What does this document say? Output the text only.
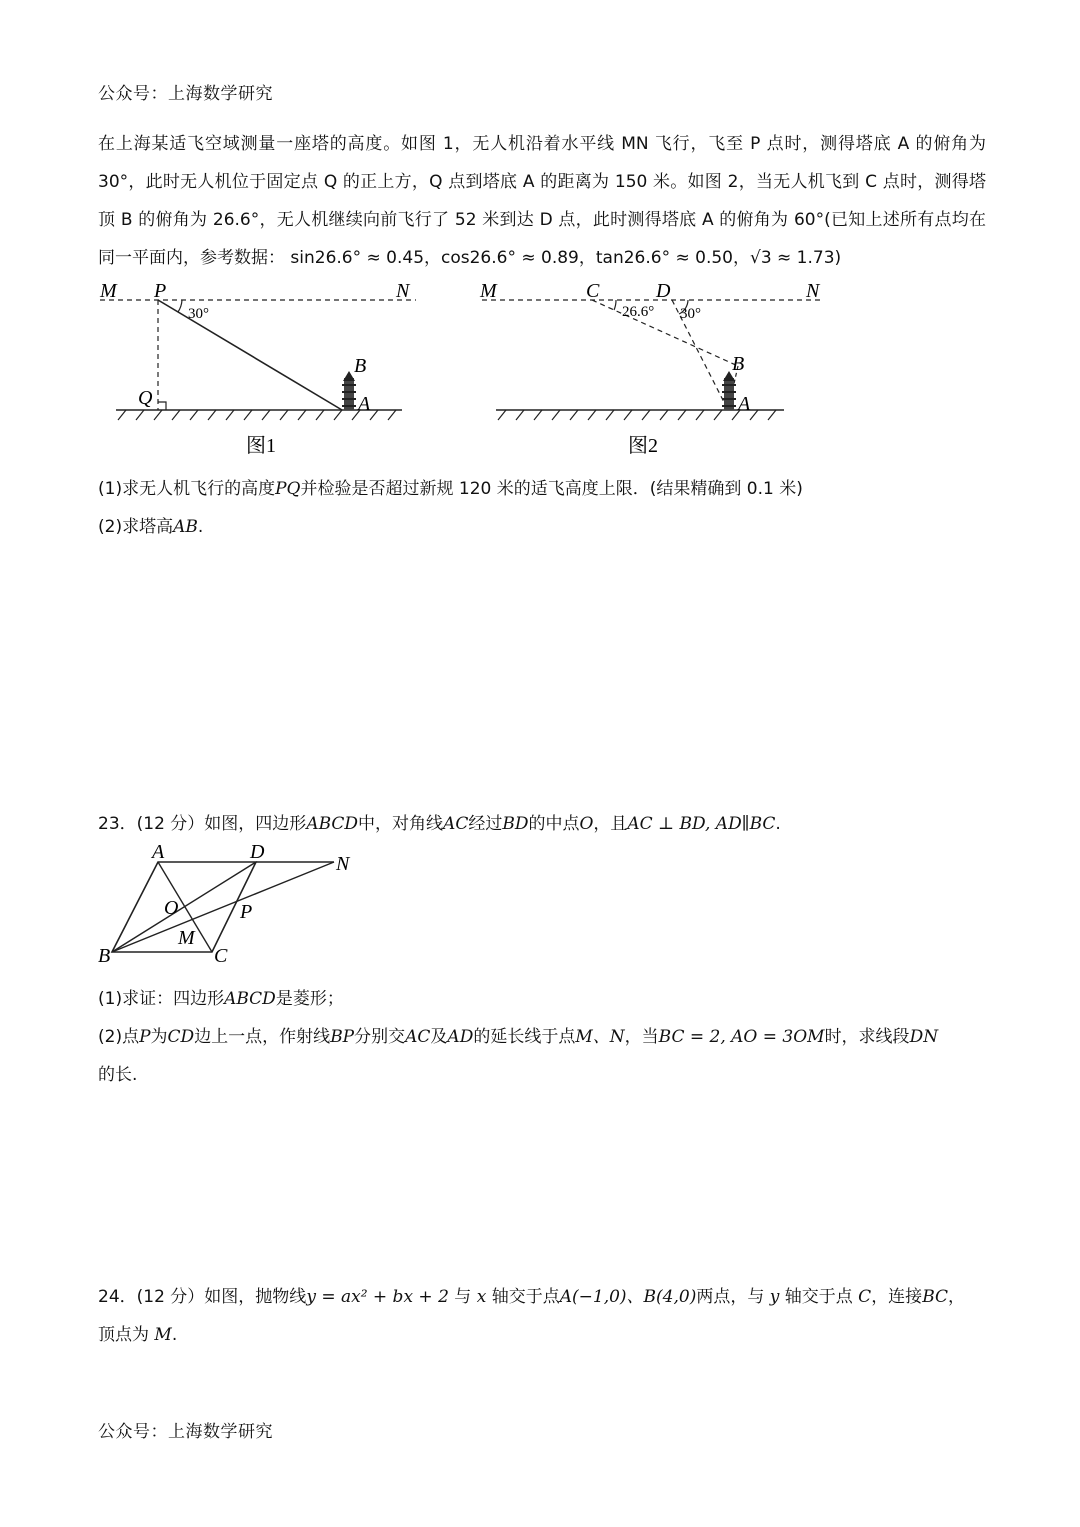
公众号：上海数学研究
在上海某适飞空域测量一座塔的高度。如图 1，无人机沿着水平线 MN 飞行，飞至 P 点时，测得塔底 A 的俯角为 30°，此时无人机位于固定点 Q 的正上方，Q 点到塔底 A 的距离为 150 米。如图 2，当无人机飞到 C 点时，测得塔顶 B 的俯角为 26.6°，无人机继续向前飞行了 52 米到达 D 点，此时测得塔底 A 的俯角为 60°(已知上述所有点均在同一平面内，参考数据： sin26.6° ≈ 0.45，cos26.6° ≈ 0.89，tan26.6° ≈ 0.50，√3 ≈ 1.73)
M P	N
30°
Q
B
A
图1
M	C	D	N
26.6° 30°
B
A
图2
(1)求无人机飞行的高度PQ并检验是否超过新规 120 米的适飞高度上限．(结果精确到 0.1 米)
(2)求塔高AB.
23．(12 分）如图，四边形ABCD中，对角线AC经过BD的中点O，且AC ⊥ BD, AD∥BC.
A	D
N
O	P
M
B	C
(1)求证：四边形ABCD是菱形；
(2)点P为CD边上一点，作射线BP分别交AC及AD的延长线于点M、N，当BC = 2, AO = 3OM时，求线段DN
的长.
24．(12 分）如图，抛物线y = ax² + bx + 2 与 x 轴交于点A(−1,0)、B(4,0)两点，与 y 轴交于点 C，连接BC，
顶点为 M.
公众号：上海数学研究
